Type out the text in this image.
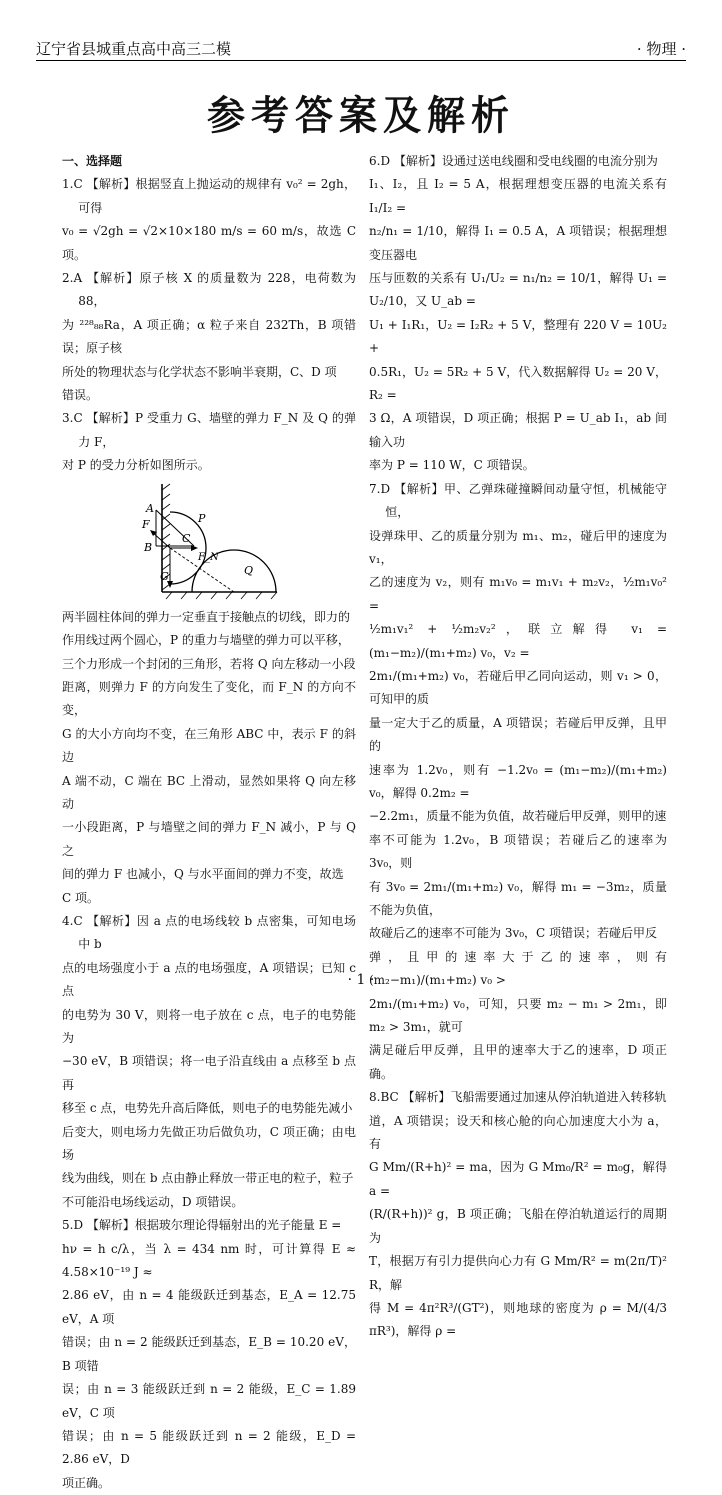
辽宁省县城重点高中高三二模	· 物理 ·
参考答案及解析

一、选择题

1.C 【解析】根据竖直上抛运动的规律有 v₀² = 2gh，可得

v₀ = √2gh = √2×10×180 m/s = 60 m/s，故选 C 项。

2.A 【解析】原子核 X 的质量数为 228，电荷数为 88，

为 ²²⁸₈₈Ra，A 项正确；α 粒子来自 232Th，B 项错误；原子核

所处的物理状态与化学状态不影响半衰期，C、D 项

错误。

3.C 【解析】P 受重力 G、墙壁的弹力 F_N 及 Q 的弹力 F，

对 P 的受力分析如图所示。

A
F
B
C
P
F_N
G	Q

两半圆柱体间的弹力一定垂直于接触点的切线，即力的

作用线过两个圆心，P 的重力与墙壁的弹力可以平移，

三个力形成一个封闭的三角形，若将 Q 向左移动一小段

距离，则弹力 F 的方向发生了变化，而 F_N 的方向不变，

G 的大小方向均不变，在三角形 ABC 中，表示 F 的斜边

A 端不动，C 端在 BC 上滑动，显然如果将 Q 向左移动

一小段距离，P 与墙壁之间的弹力 F_N 减小，P 与 Q 之

间的弹力 F 也减小，Q 与水平面间的弹力不变，故选

C 项。

4.C 【解析】因 a 点的电场线较 b 点密集，可知电场中 b

点的电场强度小于 a 点的电场强度，A 项错误；已知 c 点

的电势为 30 V，则将一电子放在 c 点，电子的电势能为

−30 eV，B 项错误；将一电子沿直线由 a 点移至 b 点再

移至 c 点，电势先升高后降低，则电子的电势能先减小

后变大，则电场力先做正功后做负功，C 项正确；由电场

线为曲线，则在 b 点由静止释放一带正电的粒子，粒子

不可能沿电场线运动，D 项错误。

5.D 【解析】根据玻尔理论得辐射出的光子能量 E =

hν = h c/λ，当 λ = 434 nm 时，可计算得 E ≈ 4.58×10⁻¹⁹ J ≈

2.86 eV，由 n = 4 能级跃迁到基态，E_A = 12.75 eV，A 项

错误；由 n = 2 能级跃迁到基态，E_B = 10.20 eV，B 项错

误；由 n = 3 能级跃迁到 n = 2 能级，E_C = 1.89 eV，C 项

错误；由 n = 5 能级跃迁到 n = 2 能级，E_D = 2.86 eV，D

项正确。

6.D 【解析】设通过送电线圈和受电线圈的电流分别为

I₁、I₂，且 I₂ = 5 A，根据理想变压器的电流关系有 I₁/I₂ =

n₂/n₁ = 1/10，解得 I₁ = 0.5 A，A 项错误；根据理想变压器电

压与匝数的关系有 U₁/U₂ = n₁/n₂ = 10/1，解得 U₁ = U₂/10，又 U_ab =

U₁ + I₁R₁，U₂ = I₂R₂ + 5 V，整理有 220 V = 10U₂ +

0.5R₁，U₂ = 5R₂ + 5 V，代入数据解得 U₂ = 20 V，R₂ =

3 Ω，A 项错误，D 项正确；根据 P = U_ab I₁，ab 间输入功

率为 P = 110 W，C 项错误。

7.D 【解析】甲、乙弹珠碰撞瞬间动量守恒，机械能守恒，

设弹珠甲、乙的质量分别为 m₁、m₂，碰后甲的速度为 v₁，

乙的速度为 v₂，则有 m₁v₀ = m₁v₁ + m₂v₂，½m₁v₀² =

½m₁v₁² + ½m₂v₂²，联立解得 v₁ = (m₁−m₂)/(m₁+m₂) v₀，v₂ =

2m₁/(m₁+m₂) v₀，若碰后甲乙同向运动，则 v₁ > 0，可知甲的质

量一定大于乙的质量，A 项错误；若碰后甲反弹，且甲的

速率为 1.2v₀，则有 −1.2v₀ = (m₁−m₂)/(m₁+m₂) v₀，解得 0.2m₂ =

−2.2m₁，质量不能为负值，故若碰后甲反弹，则甲的速

率不可能为 1.2v₀，B 项错误；若碰后乙的速率为 3v₀，则

有 3v₀ = 2m₁/(m₁+m₂) v₀，解得 m₁ = −3m₂，质量不能为负值，

故碰后乙的速率不可能为 3v₀，C 项错误；若碰后甲反

弹，且甲的速率大于乙的速率，则有 (m₂−m₁)/(m₁+m₂) v₀ >

2m₁/(m₁+m₂) v₀，可知，只要 m₂ − m₁ > 2m₁，即 m₂ > 3m₁，就可

满足碰后甲反弹，且甲的速率大于乙的速率，D 项正确。

8.BC 【解析】飞船需要通过加速从停泊轨道进入转移轨

道，A 项错误；设天和核心舱的向心加速度大小为 a，有

G Mm/(R+h)² = ma，因为 G Mm₀/R² = m₀g，解得 a =

(R/(R+h))² g，B 项正确；飞船在停泊轨道运行的周期为

T，根据万有引力提供向心力有 G Mm/R² = m(2π/T)² R，解

得 M = 4π²R³/(GT²)，则地球的密度为 ρ = M/(4/3 πR³)，解得 ρ =

· 1 ·
